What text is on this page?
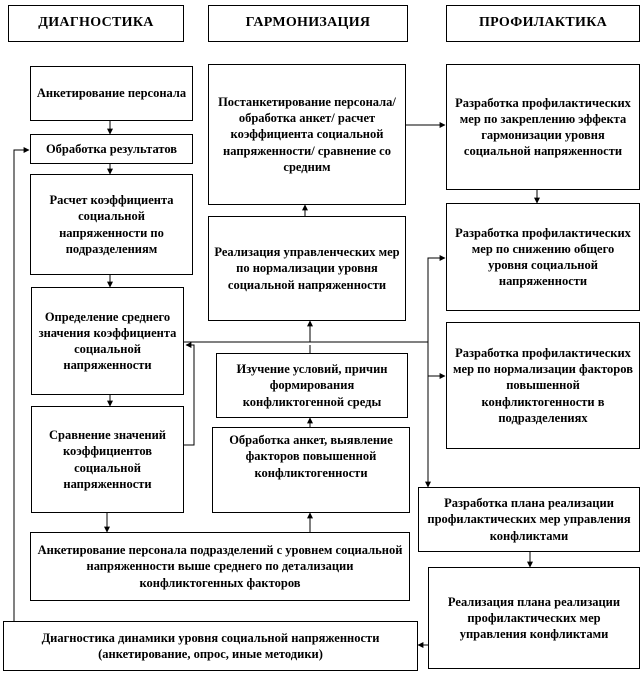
ДИАГНОСТИКА	ГАРМОНИЗАЦИЯ	ПРОФИЛАКТИКА
Анкетирование персонала
Обработка результатов
Расчет коэффициента социальной напряженности по подразделениям
Определение среднего значения коэффициента социальной напряженности
Сравнение значений коэффициентов социальной напряженности
Постанкетирование персонала/ обработка анкет/ расчет коэффициента социальной напряженности/ сравнение со средним
Реализация управленческих мер по нормализации уровня социальной напряженности
Изучение условий, причин формирования конфликтогенной среды
Обработка анкет, выявление факторов повышенной конфликтогенности
Разработка профилактических мер по закреплению эффекта гармонизации уровня социальной напряженности
Разработка профилактических мер по снижению общего уровня социальной напряженности
Разработка профилактических мер по нормализации факторов повышенной конфликтогенности в подразделениях
Разработка плана реализации профилактических мер управления конфликтами
Реализация плана реализации профилактических мер управления конфликтами
Анкетирование персонала подразделений с уровнем социальной напряженности выше среднего по детализации конфликтогенных факторов
Диагностика динамики уровня социальной напряженности (анкетирование, опрос, иные методики)
